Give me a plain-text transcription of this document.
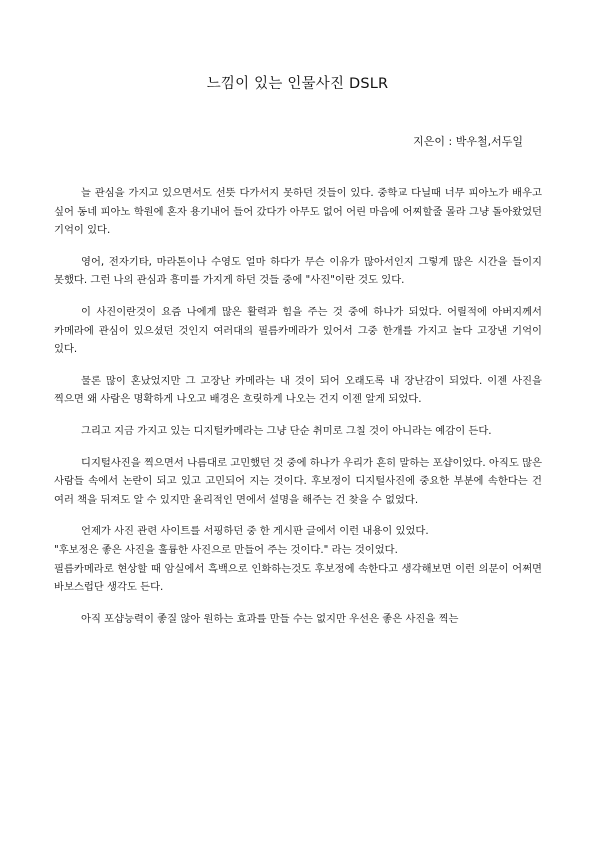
느낌이 있는 인물사진 DSLR
지은이 : 박우철,서두일

늘 관심을 가지고 있으면서도 선뜻 다가서지 못하던 것들이 있다. 중학교 다닐때 너무 피아노가 배우고 싶어 동네 피아노 학원에 혼자 용기내어 들어 갔다가 아무도 없어 어린 마음에 어찌할줄 몰라 그냥 돌아왔었던 기억이 있다.

영어, 전자기타, 마라톤이나 수영도 얼마 하다가 무슨 이유가 많아서인지 그렇게 많은 시간을 들이지 못했다. 그런 나의 관심과 흥미를 가지게 하던 것들 중에 "사진"이란 것도 있다.

이 사진이란것이 요즘 나에게 많은 활력과 힘을 주는 것 중에 하나가 되었다. 어릴적에 아버지께서 카메라에 관심이 있으셨던 것인지 여러대의 필름카메라가 있어서 그중 한개를 가지고 놀다 고장낸 기억이 있다.

물론 많이 혼났었지만 그 고장난 카메라는 내 것이 되어 오래도록 내 장난감이 되었다. 이젠 사진을 찍으면 왜 사람은 명확하게 나오고 배경은 흐릿하게 나오는 건지 이젠 알게 되었다.

그리고 지금 가지고 있는 디지털카메라는 그냥 단순 취미로 그칠 것이 아니라는 예감이 든다.

디지털사진을 찍으면서 나름대로 고민했던 것 중에 하나가 우리가 흔히 말하는 포샵이었다. 아직도 많은 사람들 속에서 논란이 되고 있고 고민되어 지는 것이다. 후보정이 디지털사진에 중요한 부분에 속한다는 건 여러 책을 뒤져도 알 수 있지만 윤리적인 면에서 설명을 해주는 건 찾을 수 없었다.

언제가 사진 관련 사이트를 서핑하던 중 한 게시판 글에서 이런 내용이 있었다.

"후보정은 좋은 사진을 훌륭한 사진으로 만들어 주는 것이다." 라는 것이었다.

필름카메라로 현상할 때 암실에서 흑백으로 인화하는것도 후보정에 속한다고 생각해보면 이런 의문이 어쩌면 바보스럽단 생각도 든다.

아직 포샵능력이 좋질 않아 원하는 효과를 만들 수는 없지만 우선은 좋은 사진을 찍는
